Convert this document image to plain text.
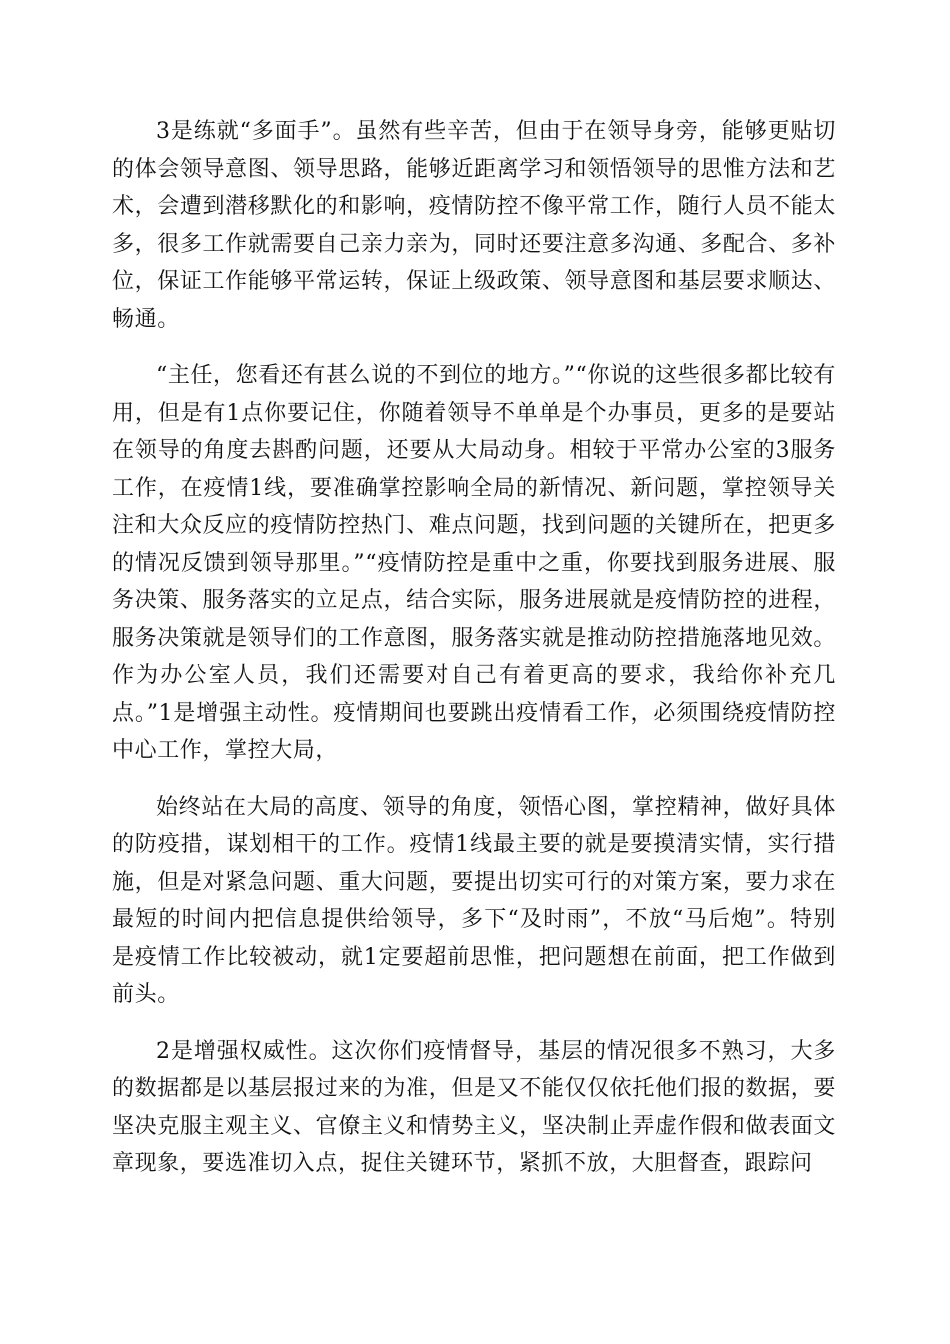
3是练就“多面手”。虽然有些辛苦，但由于在领导身旁，能够更贴切的体会领导意图、领导思路，能够近距离学习和领悟领导的思惟方法和艺术，会遭到潜移默化的和影响，疫情防控不像平常工作，随行人员不能太多，很多工作就需要自己亲力亲为，同时还要注意多沟通、多配合、多补位，保证工作能够平常运转，保证上级政策、领导意图和基层要求顺达、畅通。

“主任，您看还有甚么说的不到位的地方。”“你说的这些很多都比较有用，但是有1点你要记住，你随着领导不单单是个办事员，更多的是要站在领导的角度去斟酌问题，还要从大局动身。相较于平常办公室的3服务工作，在疫情1线，要准确掌控影响全局的新情况、新问题，掌控领导关注和大众反应的疫情防控热门、难点问题，找到问题的关键所在，把更多的情况反馈到领导那里。”“疫情防控是重中之重，你要找到服务进展、服务决策、服务落实的立足点，结合实际，服务进展就是疫情防控的进程，服务决策就是领导们的工作意图，服务落实就是推动防控措施落地见效。作为办公室人员，我们还需要对自己有着更高的要求，我给你补充几点。”1是增强主动性。疫情期间也要跳出疫情看工作，必须围绕疫情防控中心工作，掌控大局，

始终站在大局的高度、领导的角度，领悟心图，掌控精神，做好具体的防疫措，谋划相干的工作。疫情1线最主要的就是要摸清实情，实行措施，但是对紧急问题、重大问题，要提出切实可行的对策方案，要力求在最短的时间内把信息提供给领导，多下“及时雨”，不放“马后炮”。特别是疫情工作比较被动，就1定要超前思惟，把问题想在前面，把工作做到前头。

2是增强权威性。这次你们疫情督导，基层的情况很多不熟习，大多的数据都是以基层报过来的为准，但是又不能仅仅依托他们报的数据，要坚决克服主观主义、官僚主义和情势主义，坚决制止弄虚作假和做表面文章现象，要选准切入点，捉住关键环节，紧抓不放，大胆督查，跟踪问
